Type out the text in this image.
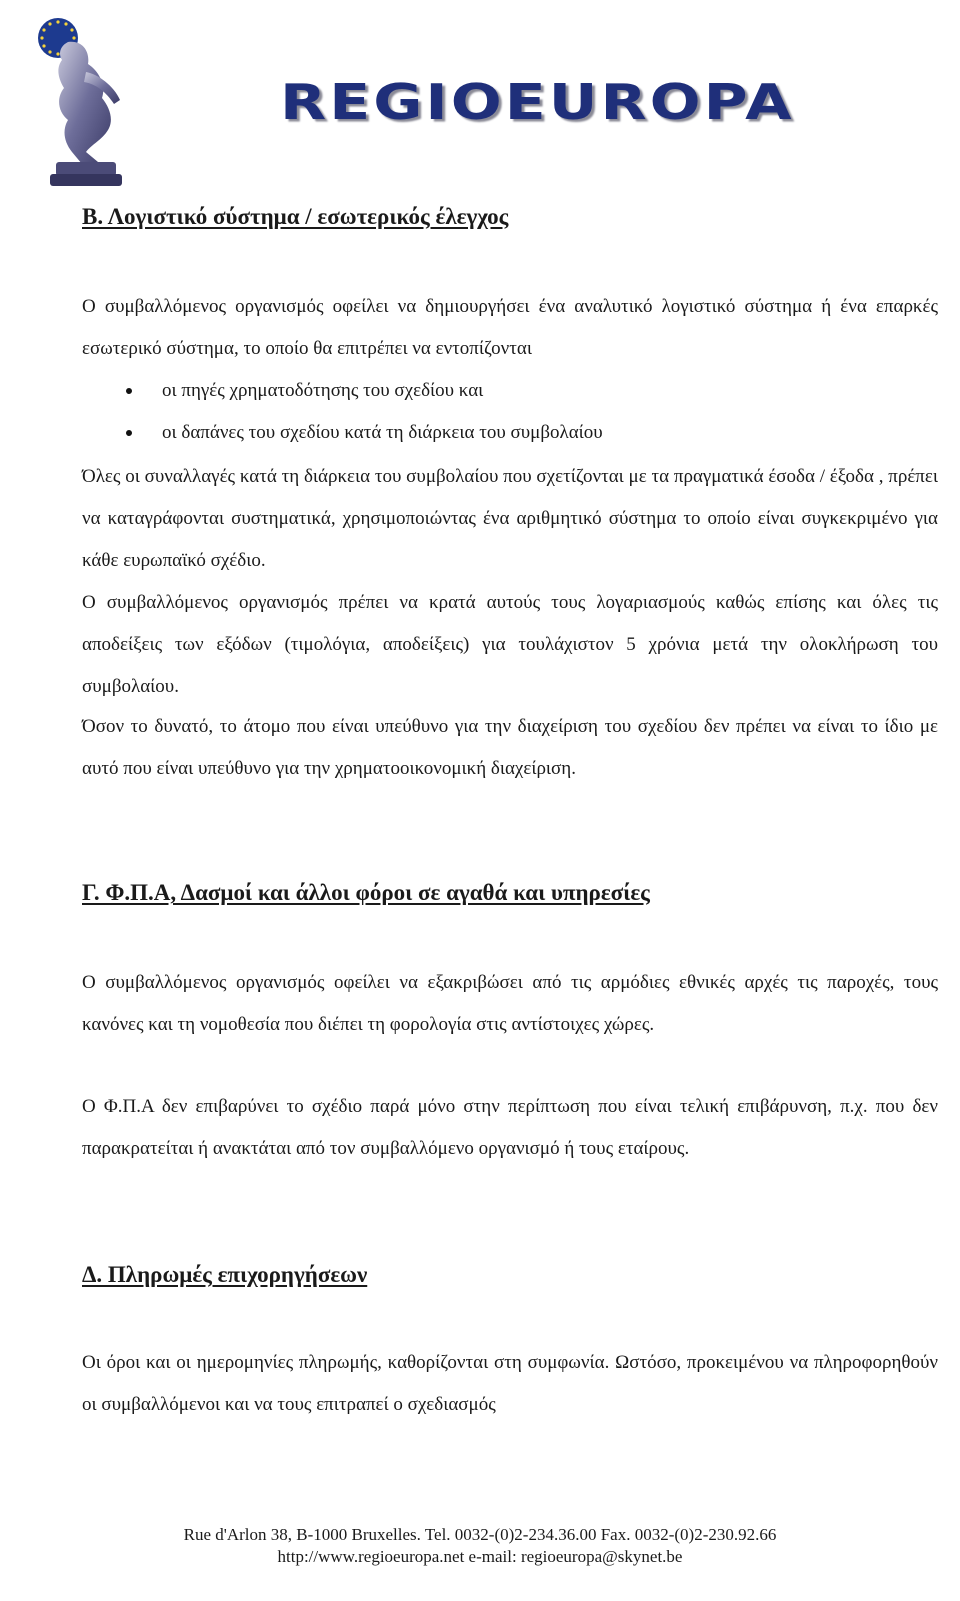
REGIOEUROPA
Β. Λογιστικό σύστημα / εσωτερικός έλεγχος
Ο συμβαλλόμενος οργανισμός οφείλει να δημιουργήσει ένα αναλυτικό λογιστικό σύστημα ή ένα επαρκές εσωτερικό σύστημα, το οποίο θα επιτρέπει να εντοπίζονται
οι πηγές χρηματοδότησης του σχεδίου και
οι δαπάνες του σχεδίου κατά τη διάρκεια του συμβολαίου
Όλες οι συναλλαγές κατά τη διάρκεια του συμβολαίου που σχετίζονται με τα πραγματικά έσοδα / έξοδα , πρέπει να καταγράφονται συστηματικά, χρησιμοποιώντας ένα αριθμητικό σύστημα το οποίο είναι συγκεκριμένο για κάθε ευρωπαϊκό σχέδιο.
Ο συμβαλλόμενος οργανισμός πρέπει να κρατά αυτούς τους λογαριασμούς καθώς επίσης και όλες τις αποδείξεις των εξόδων (τιμολόγια, αποδείξεις) για τουλάχιστον 5 χρόνια μετά την ολοκλήρωση του συμβολαίου.
Όσον το δυνατό, το άτομο που είναι υπεύθυνο για την διαχείριση του σχεδίου δεν πρέπει να είναι το ίδιο με αυτό που είναι υπεύθυνο για την χρηματοοικονομική διαχείριση.
Γ. Φ.Π.Α, Δασμοί και άλλοι φόροι σε αγαθά και υπηρεσίες
Ο συμβαλλόμενος οργανισμός οφείλει να εξακριβώσει από τις αρμόδιες εθνικές αρχές τις παροχές, τους κανόνες και τη νομοθεσία που διέπει τη φορολογία στις αντίστοιχες χώρες.
Ο Φ.Π.Α δεν επιβαρύνει το σχέδιο παρά μόνο στην περίπτωση που είναι τελική επιβάρυνση, π.χ. που δεν παρακρατείται ή ανακτάται από τον συμβαλλόμενο οργανισμό ή τους εταίρους.
Δ. Πληρωμές επιχορηγήσεων
Οι όροι και οι ημερομηνίες πληρωμής, καθορίζονται στη συμφωνία. Ωστόσο, προκειμένου να πληροφορηθούν οι συμβαλλόμενοι και να τους επιτραπεί ο σχεδιασμός
Rue d'Arlon 38, B-1000 Bruxelles. Tel. 0032-(0)2-234.36.00 Fax. 0032-(0)2-230.92.66
http://www.regioeuropa.net e-mail: regioeuropa@skynet.be
